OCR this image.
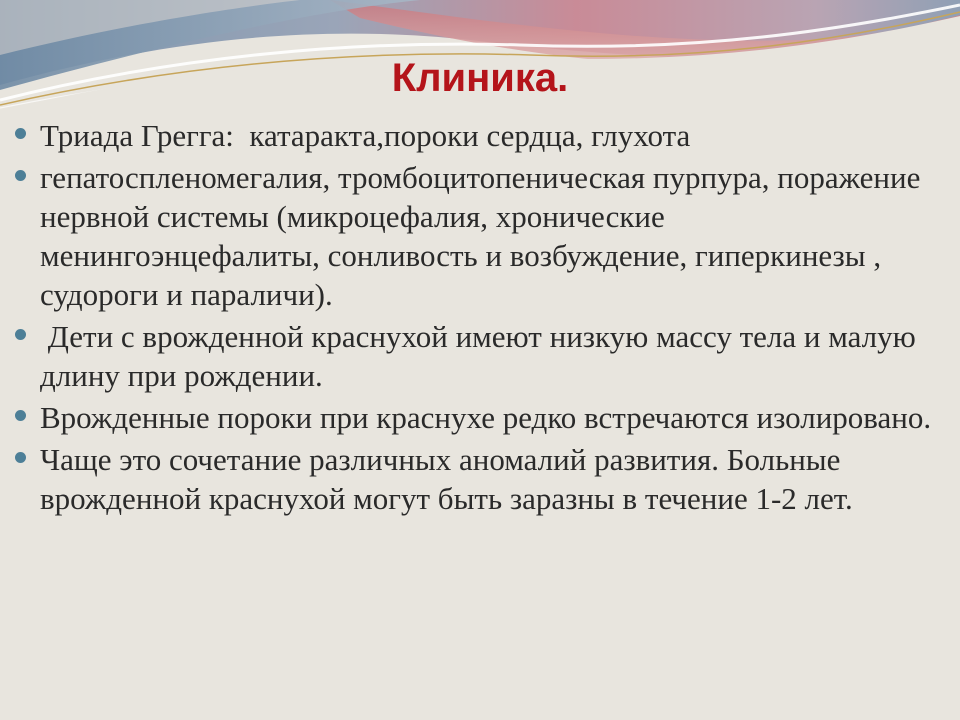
Клиника.
Триада Грегга:  катаракта,пороки сердца, глухота
гепатоспленомегалия, тромбоцитопеническая пурпура, поражение нервной системы (микроцефалия, хронические менингоэнцефалиты, сонливость и возбуждение, гиперкинезы , судороги и параличи).
Дети с врожденной краснухой имеют низкую массу тела и малую длину при рождении.
Врожденные пороки при краснухе редко встречаются изолировано.
Чаще это сочетание различных аномалий развития. Больные врожденной краснухой могут быть заразны в течение 1-2 лет.
